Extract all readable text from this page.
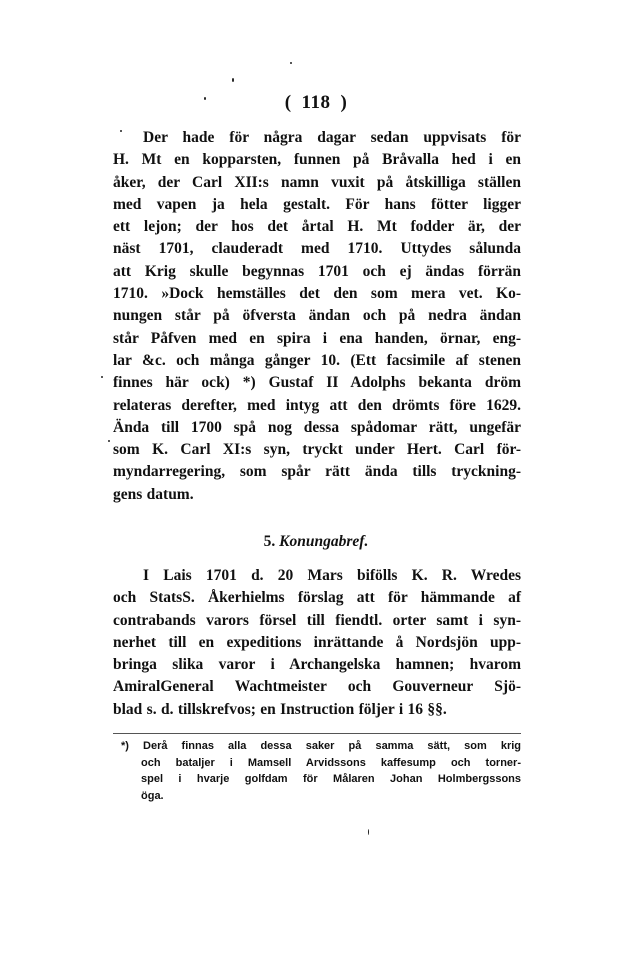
( 118 )
Der hade för några dagar sedan uppvisats för
H. Mt en kopparsten, funnen på Bråvalla hed i en
åker, der Carl XII:s namn vuxit på åtskilliga ställen
med vapen ja hela gestalt. För hans fötter ligger
ett lejon; der hos det årtal H. Mt fodder är, der
näst 1701, clauderadt med 1710. Uttydes sålunda
att Krig skulle begynnas 1701 och ej ändas förrän
1710. »Dock hemställes det den som mera vet. Ko-
nungen står på öfversta ändan och på nedra ändan
står Påfven med en spira i ena handen, örnar, eng-
lar &c. och många gånger 10. (Ett facsimile af stenen
finnes här ock) *) Gustaf II Adolphs bekanta dröm
relateras derefter, med intyg att den drömts före 1629.
Ända till 1700 spå nog dessa spådomar rätt, ungefär
som K. Carl XI:s syn, tryckt under Hert. Carl för-
myndarregering, som spår rätt ända tills tryckning-
gens datum.
5. Konungabref.
I Lais 1701 d. 20 Mars bifölls K. R. Wredes
och StatsS. Åkerhielms förslag att för hämmande af
contrabands varors försel till fiendtl. orter samt i syn-
nerhet till en expeditions inrättande å Nordsjön upp-
bringa slika varor i Archangelska hamnen; hvarom
AmiralGeneral Wachtmeister och Gouverneur Sjö-
blad s. d. tillskrefvos; en Instruction följer i 16 §§.
*) Derå finnas alla dessa saker på samma sätt, som krig
och bataljer i Mamsell Arvidssons kaffesump och torner-
spel i hvarje golfdam för Målaren Johan Holmbergssons
öga.
